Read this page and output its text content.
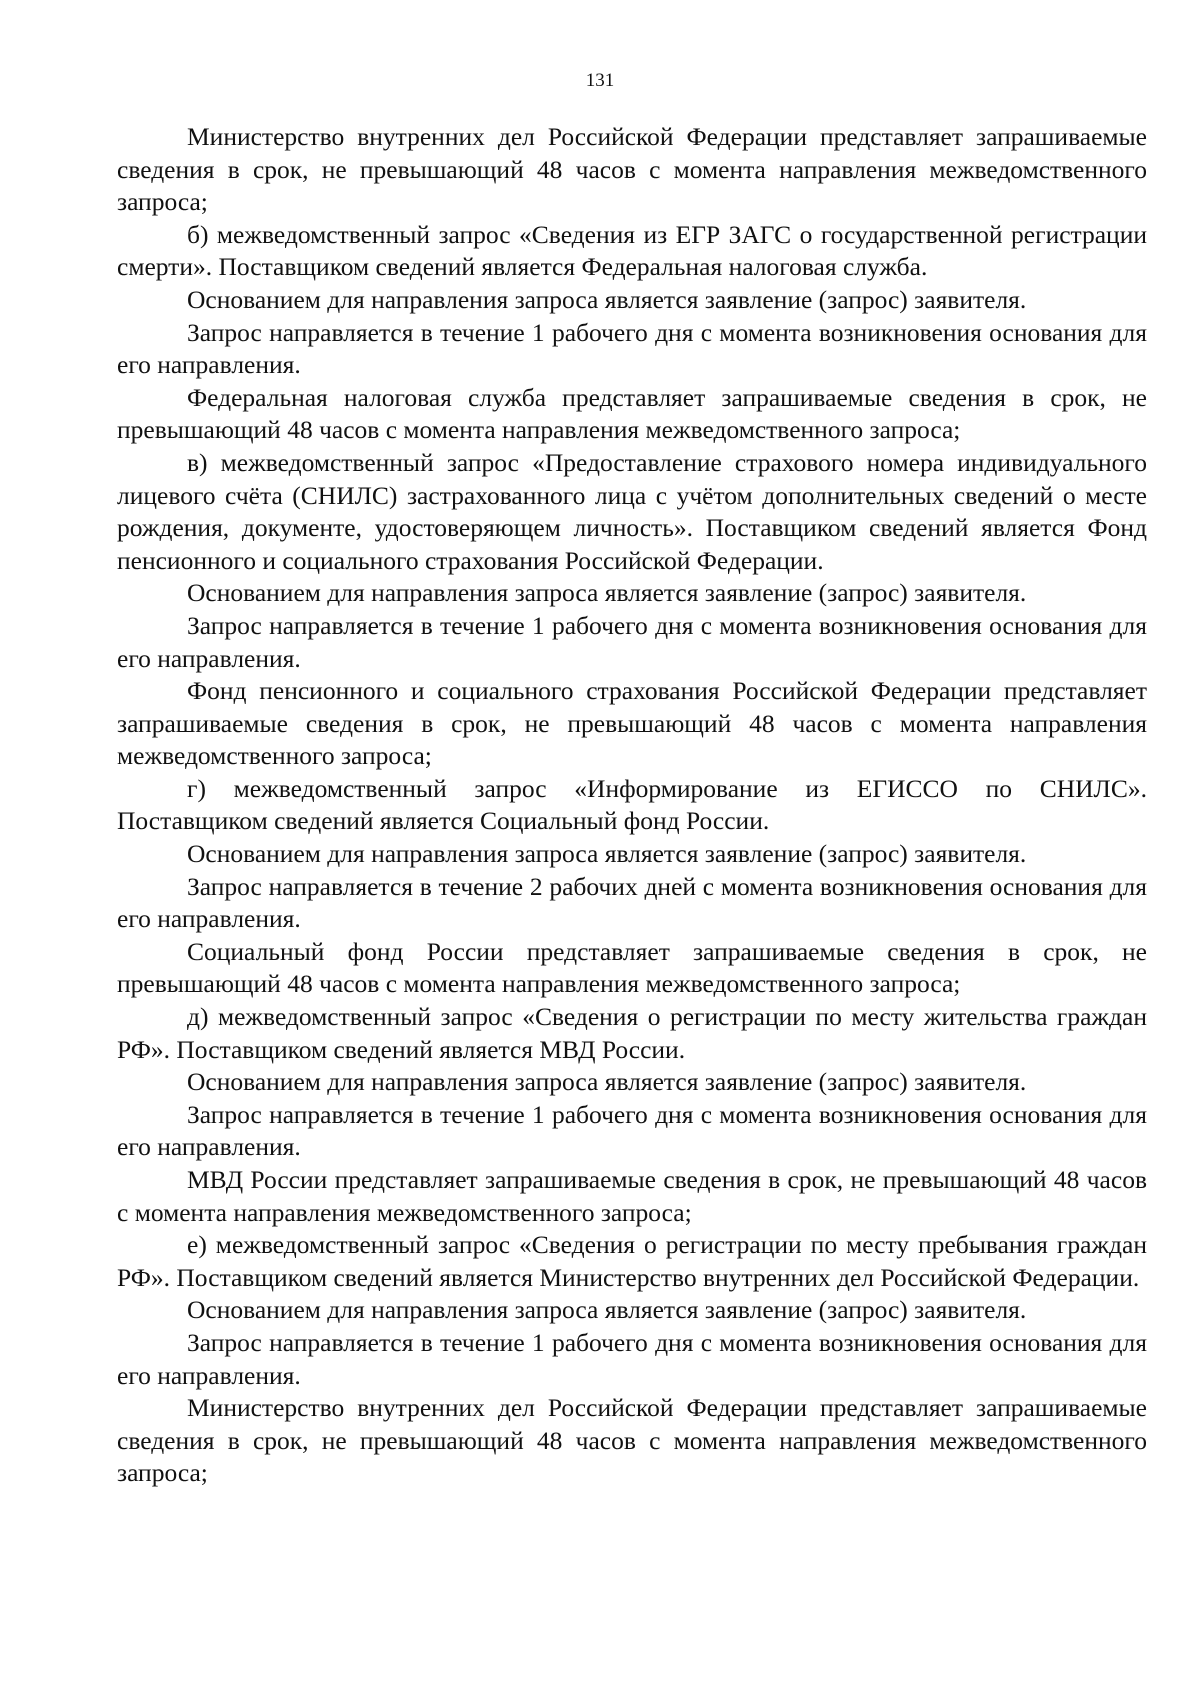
131

Министерство внутренних дел Российской Федерации представляет запрашиваемые сведения в срок, не превышающий 48 часов с момента направления межведомственного запроса;

б) межведомственный запрос «Сведения из ЕГР ЗАГС о государственной регистрации смерти». Поставщиком сведений является Федеральная налоговая служба.

Основанием для направления запроса является заявление (запрос) заявителя.

Запрос направляется в течение 1 рабочего дня с момента возникновения основания для его направления.

Федеральная налоговая служба представляет запрашиваемые сведения в срок, не превышающий 48 часов с момента направления межведомственного запроса;

в) межведомственный запрос «Предоставление страхового номера индивидуального лицевого счёта (СНИЛС) застрахованного лица с учётом дополнительных сведений о месте рождения, документе, удостоверяющем личность». Поставщиком сведений является Фонд пенсионного и социального страхования Российской Федерации.

Основанием для направления запроса является заявление (запрос) заявителя.

Запрос направляется в течение 1 рабочего дня с момента возникновения основания для его направления.

Фонд пенсионного и социального страхования Российской Федерации представляет запрашиваемые сведения в срок, не превышающий 48 часов с момента направления межведомственного запроса;

г) межведомственный запрос «Информирование из ЕГИССО по СНИЛС». Поставщиком сведений является Социальный фонд России.

Основанием для направления запроса является заявление (запрос) заявителя.

Запрос направляется в течение 2 рабочих дней с момента возникновения основания для его направления.

Социальный фонд России представляет запрашиваемые сведения в срок, не превышающий 48 часов с момента направления межведомственного запроса;

д) межведомственный запрос «Сведения о регистрации по месту жительства граждан РФ». Поставщиком сведений является МВД России.

Основанием для направления запроса является заявление (запрос) заявителя.

Запрос направляется в течение 1 рабочего дня с момента возникновения основания для его направления.

МВД России представляет запрашиваемые сведения в срок, не превышающий 48 часов с момента направления межведомственного запроса;

е) межведомственный запрос «Сведения о регистрации по месту пребывания граждан РФ». Поставщиком сведений является Министерство внутренних дел Российской Федерации.

Основанием для направления запроса является заявление (запрос) заявителя.

Запрос направляется в течение 1 рабочего дня с момента возникновения основания для его направления.

Министерство внутренних дел Российской Федерации представляет запрашиваемые сведения в срок, не превышающий 48 часов с момента направления межведомственного запроса;
